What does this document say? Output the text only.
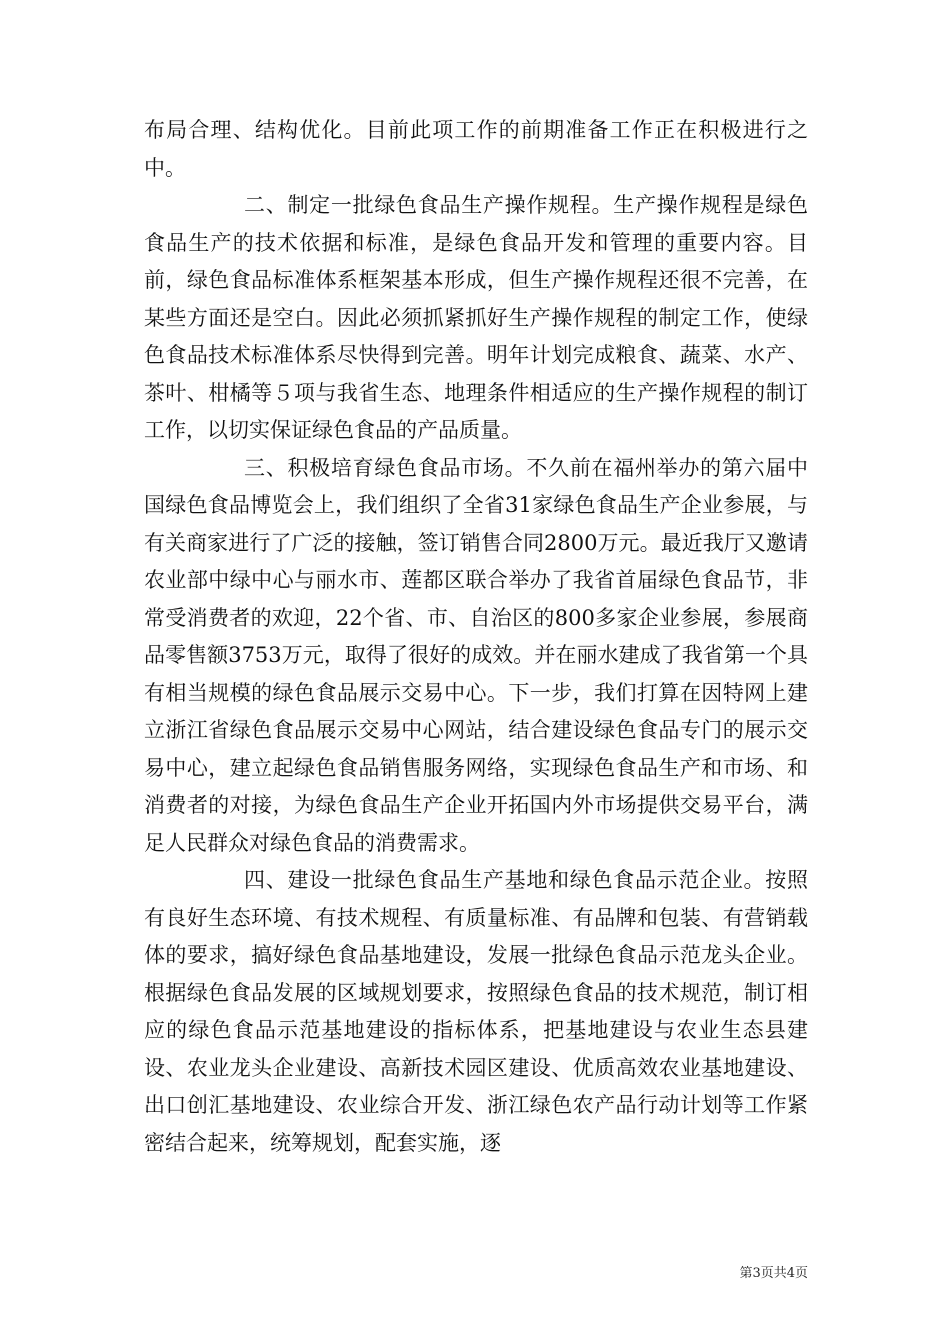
布局合理、结构优化。目前此项工作的前期准备工作正在积极进行之中。

二、制定一批绿色食品生产操作规程。生产操作规程是绿色食品生产的技术依据和标准，是绿色食品开发和管理的重要内容。目前，绿色食品标准体系框架基本形成，但生产操作规程还很不完善，在某些方面还是空白。因此必须抓紧抓好生产操作规程的制定工作，使绿色食品技术标准体系尽快得到完善。明年计划完成粮食、蔬菜、水产、茶叶、柑橘等５项与我省生态、地理条件相适应的生产操作规程的制订工作，以切实保证绿色食品的产品质量。

三、积极培育绿色食品市场。不久前在福州举办的第六届中国绿色食品博览会上，我们组织了全省31家绿色食品生产企业参展，与有关商家进行了广泛的接触，签订销售合同2800万元。最近我厅又邀请农业部中绿中心与丽水市、莲都区联合举办了我省首届绿色食品节，非常受消费者的欢迎，22个省、市、自治区的800多家企业参展，参展商品零售额3753万元，取得了很好的成效。并在丽水建成了我省第一个具有相当规模的绿色食品展示交易中心。下一步，我们打算在因特网上建立浙江省绿色食品展示交易中心网站，结合建设绿色食品专门的展示交易中心，建立起绿色食品销售服务网络，实现绿色食品生产和市场、和消费者的对接，为绿色食品生产企业开拓国内外市场提供交易平台，满足人民群众对绿色食品的消费需求。

四、建设一批绿色食品生产基地和绿色食品示范企业。按照有良好生态环境、有技术规程、有质量标准、有品牌和包装、有营销载体的要求，搞好绿色食品基地建设，发展一批绿色食品示范龙头企业。根据绿色食品发展的区域规划要求，按照绿色食品的技术规范，制订相应的绿色食品示范基地建设的指标体系，把基地建设与农业生态县建设、农业龙头企业建设、高新技术园区建设、优质高效农业基地建设、出口创汇基地建设、农业综合开发、浙江绿色农产品行动计划等工作紧密结合起来，统筹规划，配套实施，逐

第3页共4页
